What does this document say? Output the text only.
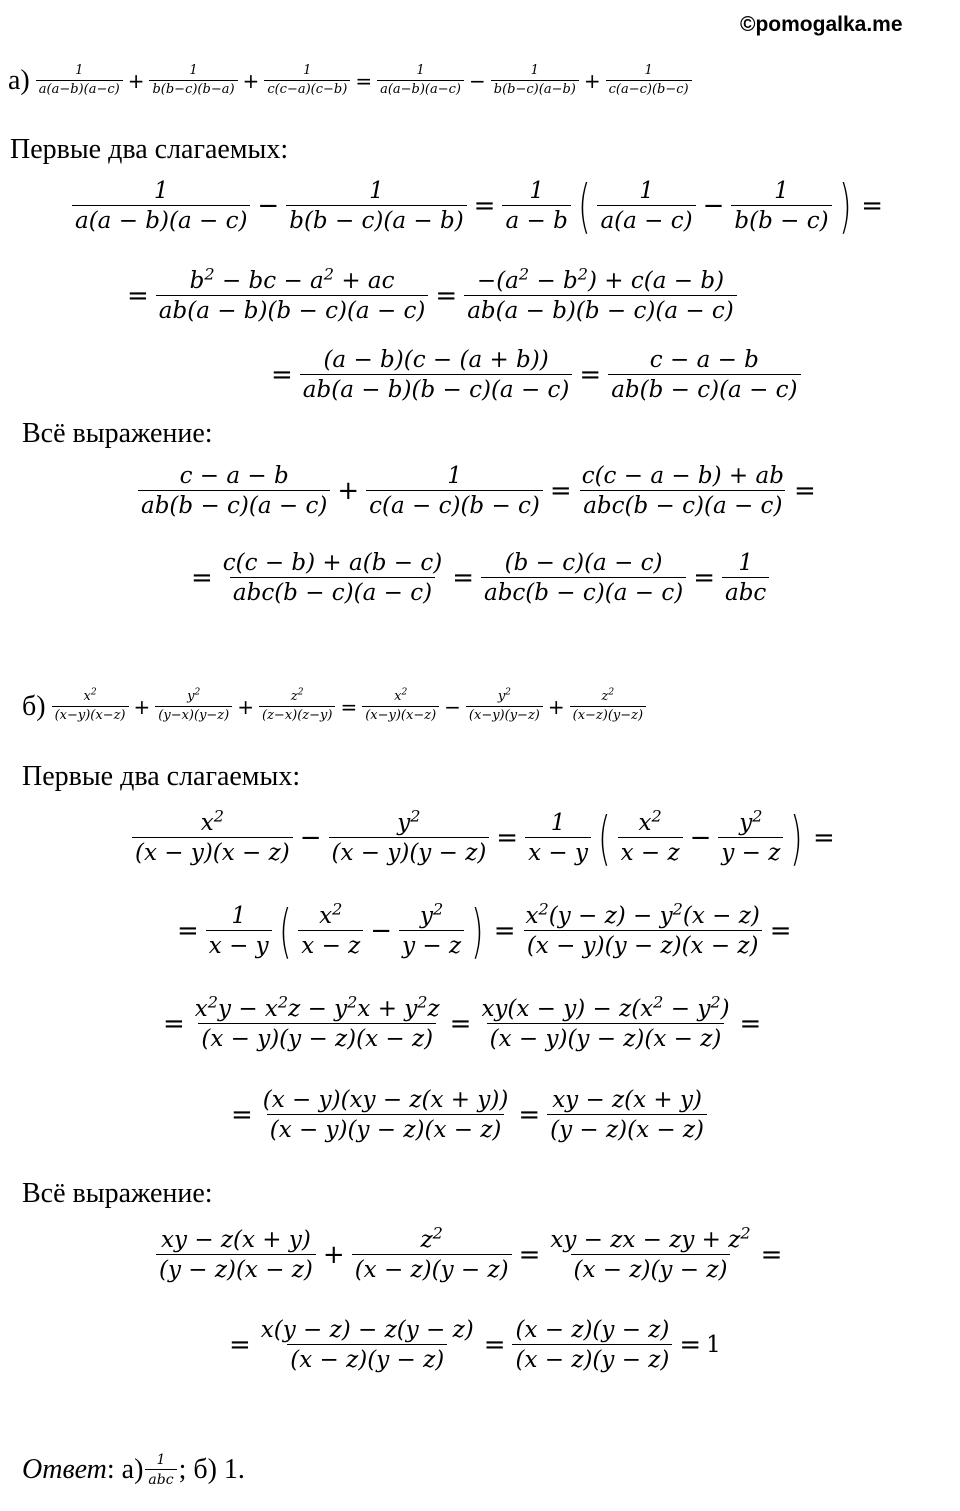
©pomogalka.me
$а) \frac{1}{a(a-b)(a-c)} + \frac{1}{b(b-c)(b-a)} + \frac{1}{c(c-a)(c-b)} = \frac{1}{a(a-b)(a-c)} - \frac{1}{b(b-c)(a-b)} + \frac{1}{c(a-c)(b-c)}$
Первые два слагаемых:
$\frac{1}{a(a - b)(a - c)} - \frac{1}{b(b - c)(a - b)} = \frac{1}{a - b}$ ( $\frac{1}{a(a - c)} - \frac{1}{b(b - c)}$ ) =
= $\frac{b^2 - bc - a^2 + ac}{ab(a - b)(b - c)(a - c)} = \frac{-(a^2 - b^2) + c(a - b)}{ab(a - b)(b - c)(a - c)}$
= $\frac{(a - b)(c - (a + b))}{ab(a - b)(b - c)(a - c)} = \frac{c - a - b}{ab(b - c)(a - c)}$
Всё выражение:
$\frac{c - a - b}{ab(b - c)(a - c)} + \frac{1}{c(a - c)(b - c)} = \frac{c(c - a - b) + ab}{\text{abc(b − c)(a − c)}}$ =
= $\frac{c(c - b) + a(b - c)}{\text{abc(b − c)(a − c)}} = \frac{(b - c)(a - c)}{\text{abc(b − c)(a − c)}} = \frac{1}{\text{abc}}$
$б) \frac{x^2}{(x-y)(x-z)} + \frac{y^2}{(y-x)(y-z)} + \frac{z^2}{(z-x)(z-y)} = \frac{x^2}{(x-y)(x-z)} - \frac{y^2}{(x-y)(y-z)} + \frac{z^2}{(x-z)(y-z)}$
Первые два слагаемых:
$\frac{x^2}{(x - y)(x - z)} - \frac{y^2}{(x - y)(y - z)} = \frac{1}{x - y}$ ( $\frac{x^2}{x - z} - \frac{y^2}{y - z}$ ) =
= $\frac{1}{x - y}$ ( $\frac{x^2}{x - z} - \frac{y^2}{y - z}$ ) = $\frac{x^2(y - z) - y^2(x - z)}{(x - y)(y - z)(x - z)}$ =
= $\frac{x^2y - x^2z - y^2x + y^2z}{(x - y)(y - z)(x - z)} = \frac{xy(x - y) - z(x^2 - y^2)}{(x - y)(y - z)(x - z)}$ =
= $\frac{(x - y)(xy - z(x + y))}{(x - y)(y - z)(x - z)} = \frac{xy - z(x + y)}{(y - z)(x - z)}$
Всё выражение:
$\frac{xy - z(x + y)}{(y - z)(x - z)} + \frac{z^2}{(x - z)(y - z)} = \frac{xy - zx - zy + z^2}{(x - z)(y - z)}$ =
= $\frac{x(y - z) - z(y - z)}{(x - z)(y - z)} = \frac{(x - z)(y - z)}{(x - z)(y - z)} = 1$
Ответ : $а) \frac{1}{\text{abc}}$ ; б) 1.
